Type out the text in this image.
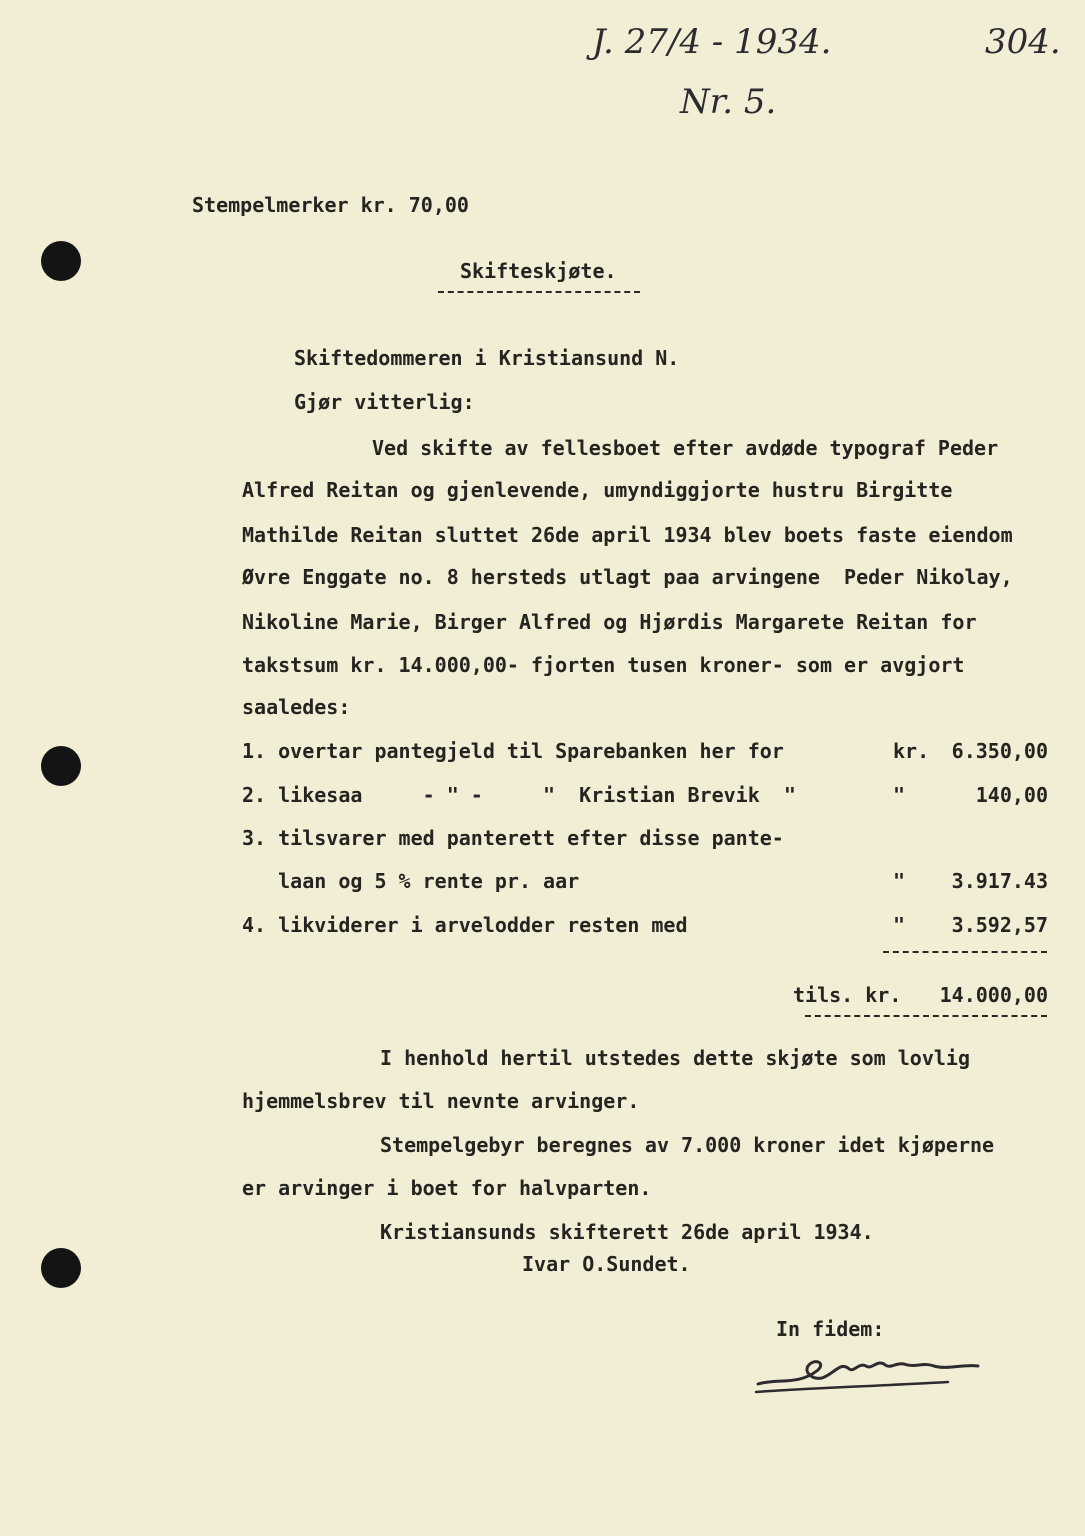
J. 27/4 - 1934.	304.
Nr. 5.
Stempelmerker kr. 70,00
Skifteskjøte.
Skiftedommeren i Kristiansund N.
Gjør vitterlig:
Ved skifte av fellesboet efter avdøde typograf Peder
Alfred Reitan og gjenlevende, umyndiggjorte hustru Birgitte
Mathilde Reitan sluttet 26de april 1934 blev boets faste eiendom
Øvre Enggate no. 8 hersteds utlagt paa arvingene  Peder Nikolay,
Nikoline Marie, Birger Alfred og Hjørdis Margarete Reitan for
takstsum kr. 14.000,00- fjorten tusen kroner- som er avgjort
saaledes:
1. overtar pantegjeld til Sparebanken her for	kr. 6.350,00
2. likesaa     - " -     "  Kristian Brevik  "	"	140,00
3. tilsvarer med panterett efter disse pante-
laan og 5 % rente pr. aar	" 3.917.43
4. likviderer i arvelodder resten med	" 3.592,57
tils. kr. 14.000,00
I henhold hertil utstedes dette skjøte som lovlig
hjemmelsbrev til nevnte arvinger.
Stempelgebyr beregnes av 7.000 kroner idet kjøperne
er arvinger i boet for halvparten.
Kristiansunds skifterett 26de april 1934.
Ivar O.Sundet.
In fidem:
